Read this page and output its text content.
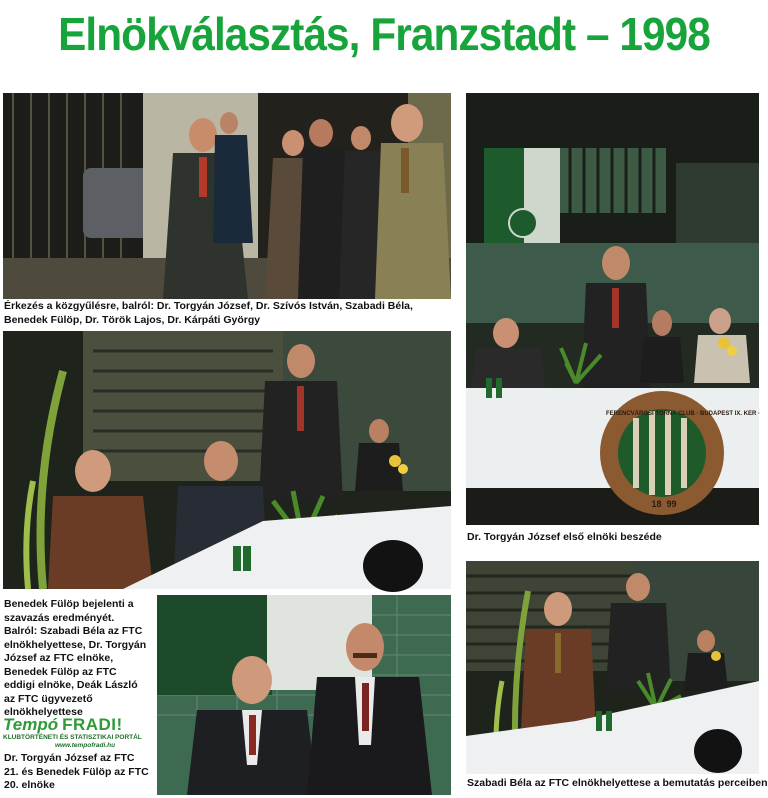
Elnökválasztás, Franzstadt – 1998
Érkezés a közgyűlésre, balról: Dr. Torgyán József, Dr. Szívós István, Szabadi Béla, Benedek Fülöp, Dr. Török Lajos, Dr. Kárpáti György
FERENCVÁROSI TORNA CLUB · BUDAPEST IX. KER ·
18  99
Dr. Torgyán József első elnöki beszéde
Benedek Fülöp bejelenti a szavazás eredményét. Balról: Szabadi Béla az FTC elnökhelyettese, Dr. Torgyán József az FTC elnöke, Benedek Fülöp az FTC eddigi elnöke, Deák László az FTC ügyvezető elnökhelyettese
Tempó FRADI!
KLUBTÖRTÉNETI ÉS STATISZTIKAI PORTÁL
www.tempofradi.hu
Dr. Torgyán József az FTC 21. és Benedek Fülöp az FTC 20. elnöke	Szabadi Béla az FTC elnökhelyettese a bemutatás perceiben
